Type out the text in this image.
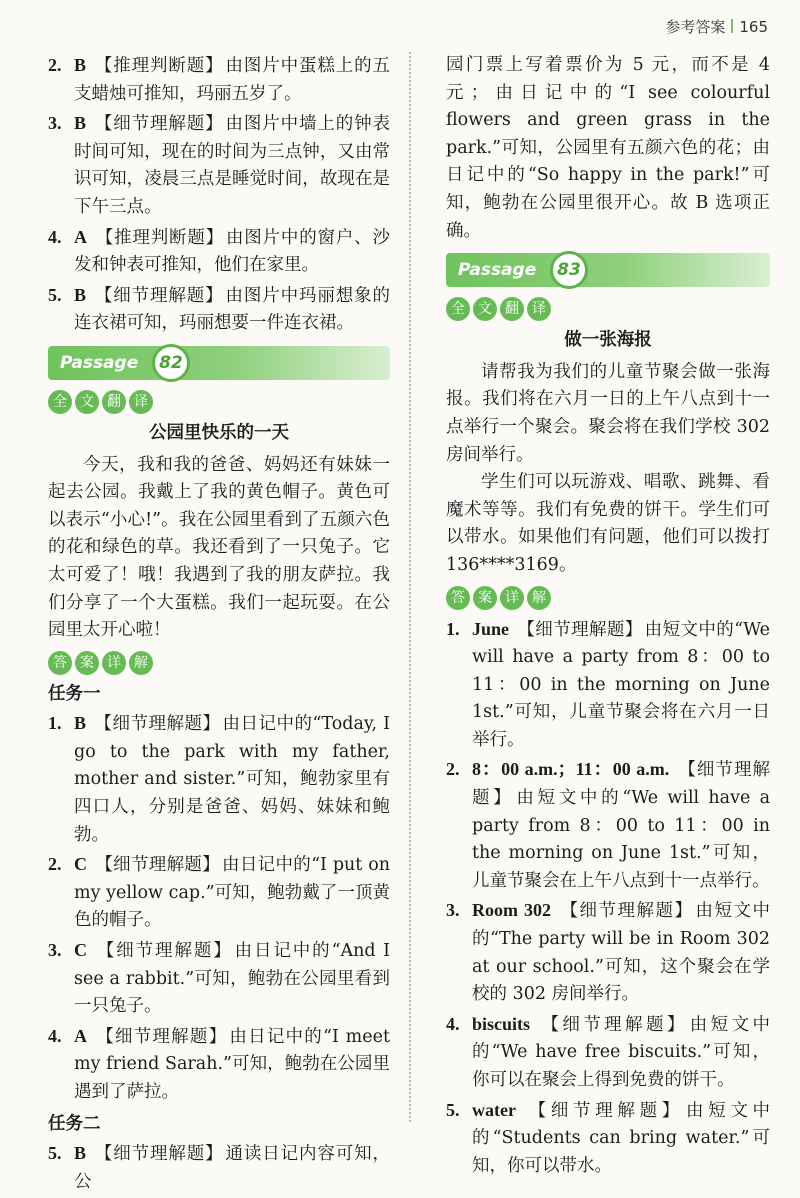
参考答案 165
2. B 【推理判断题】 由图片中蛋糕上的五支蜡烛可推知，玛丽五岁了。
3. B 【细节理解题】 由图片中墙上的钟表时间可知，现在的时间为三点钟，又由常识可知，凌晨三点是睡觉时间，故现在是下午三点。
4. A 【推理判断题】 由图片中的窗户、沙发和钟表可推知，他们在家里。
5. B 【细节理解题】 由图片中玛丽想象的连衣裙可知，玛丽想要一件连衣裙。
Passage	82
全 文 翻 译
公园里快乐的一天
今天，我和我的爸爸、妈妈还有妹妹一起去公园。我戴上了我的黄色帽子。黄色可以表示“小心!”。我在公园里看到了五颜六色的花和绿色的草。我还看到了一只兔子。它太可爱了！哦！我遇到了我的朋友萨拉。我们分享了一个大蛋糕。我们一起玩耍。在公园里太开心啦！
答 案 详 解
任务一
1. B 【细节理解题】 由日记中的“Today, I go to the park with my father, mother and sister.”可知，鲍勃家里有四口人，分别是爸爸、妈妈、妹妹和鲍勃。
2. C 【细节理解题】 由日记中的“I put on my yellow cap.”可知，鲍勃戴了一顶黄色的帽子。
3. C 【细节理解题】 由日记中的“And I see a rabbit.”可知，鲍勃在公园里看到一只兔子。
4. A 【细节理解题】 由日记中的“I meet my friend Sarah.”可知，鲍勃在公园里遇到了萨拉。
任务二
5. B 【细节理解题】 通读日记内容可知，公
园门票上写着票价为 5 元，而不是 4 元；由日记中的“I see colourful flowers and green grass in the park.”可知，公园里有五颜六色的花；由日记中的“So happy in the park!”可知，鲍勃在公园里很开心。故 B 选项正确。
Passage	83
全 文 翻 译
做一张海报
请帮我为我们的儿童节聚会做一张海报。我们将在六月一日的上午八点到十一点举行一个聚会。聚会将在我们学校 302 房间举行。
学生们可以玩游戏、唱歌、跳舞、看魔术等等。我们有免费的饼干。学生们可以带水。如果他们有问题，他们可以拨打 136****3169。
答 案 详 解
1. June 【细节理解题】 由短文中的“We will have a party from 8：00 to 11：00 in the morning on June 1st.”可知，儿童节聚会将在六月一日举行。
2. 8：00 a.m.；11：00 a.m. 【细节理解题】 由短文中的“We will have a party from 8：00 to 11：00 in the morning on June 1st.”可知，儿童节聚会在上午八点到十一点举行。
3. Room 302 【细节理解题】 由短文中的“The party will be in Room 302 at our school.”可知，这个聚会在学校的 302 房间举行。
4. biscuits 【细节理解题】 由短文中的“We have free biscuits.”可知，你可以在聚会上得到免费的饼干。
5. water 【细节理解题】 由短文中的“Students can bring water.”可知，你可以带水。
